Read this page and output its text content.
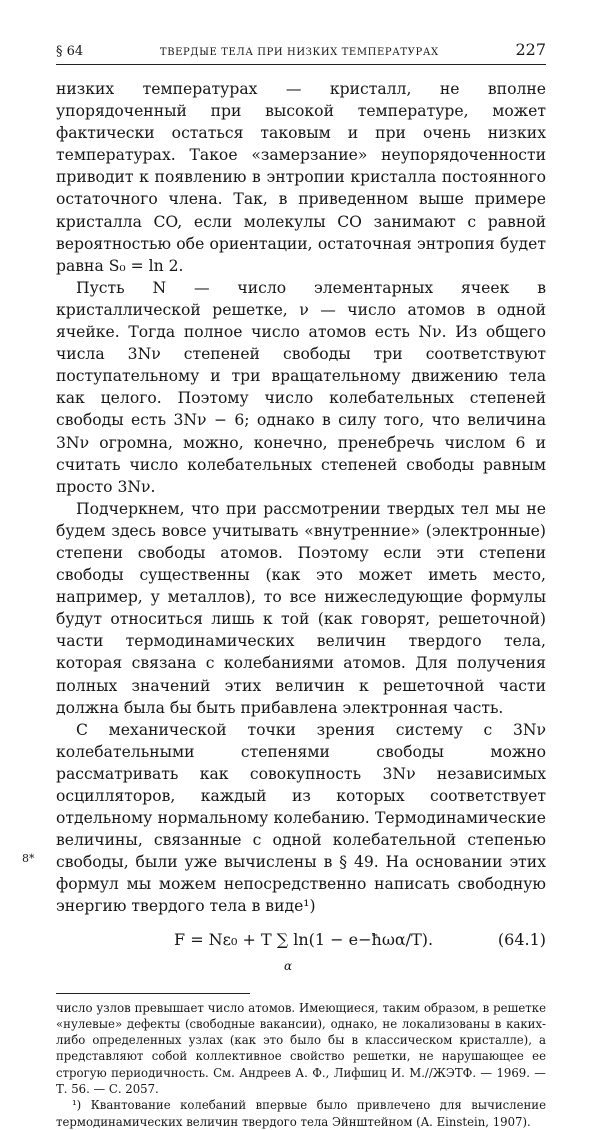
§ 64	ТВЕРДЫЕ ТЕЛА ПРИ НИЗКИХ ТЕМПЕРАТУРАХ	227

низких температурах — кристалл, не вполне упорядоченный при высокой температуре, может фактически остаться таковым и при очень низких температурах. Такое «замерзание» неупорядоченности приводит к появлению в энтропии кристалла постоянного остаточного члена. Так, в приведенном выше примере кристалла CO, если молекулы CO занимают с равной вероятностью обе ориентации, остаточная энтропия будет равна S₀ = ln 2.

Пусть N — число элементарных ячеек в кристаллической решетке, ν — число атомов в одной ячейке. Тогда полное число атомов есть Nν. Из общего числа 3Nν степеней свободы три соответствуют поступательному и три вращательному движению тела как целого. Поэтому число колебательных степеней свободы есть 3Nν − 6; однако в силу того, что величина 3Nν огромна, можно, конечно, пренебречь числом 6 и считать число колебательных степеней свободы равным просто 3Nν.

Подчеркнем, что при рассмотрении твердых тел мы не будем здесь вовсе учитывать «внутренние» (электронные) степени свободы атомов. Поэтому если эти степени свободы существенны (как это может иметь место, например, у металлов), то все нижеследующие формулы будут относиться лишь к той (как говорят, решеточной) части термодинамических величин твердого тела, которая связана с колебаниями атомов. Для получения полных значений этих величин к решеточной части должна была бы быть прибавлена электронная часть.

С механической точки зрения систему с 3Nν колебательными степенями свободы можно рассматривать как совокупность 3Nν независимых осцилляторов, каждый из которых соответствует отдельному нормальному колебанию. Термодинамические величины, связанные с одной колебательной степенью свободы, были уже вычислены в § 49. На основании этих формул мы можем непосредственно написать свободную энергию твердого тела в виде¹)

F = Nε₀ + T ∑ ln(1 − e−ħωα/T).
α
(64.1)

число узлов превышает число атомов. Имеющиеся, таким образом, в решетке «нулевые» дефекты (свободные вакансии), однако, не локализованы в каких-либо определенных узлах (как это было бы в классическом кристалле), а представляют собой коллективное свойство решетки, не нарушающее ее строгую периодичность. См. Андреев А. Ф., Лифшиц И. М.//ЖЭТФ. — 1969. — Т. 56. — С. 2057.

¹) Квантование колебаний впервые было привлечено для вычисление термодинамических величин твердого тела Эйнштейном (A. Einstein, 1907).

8*
